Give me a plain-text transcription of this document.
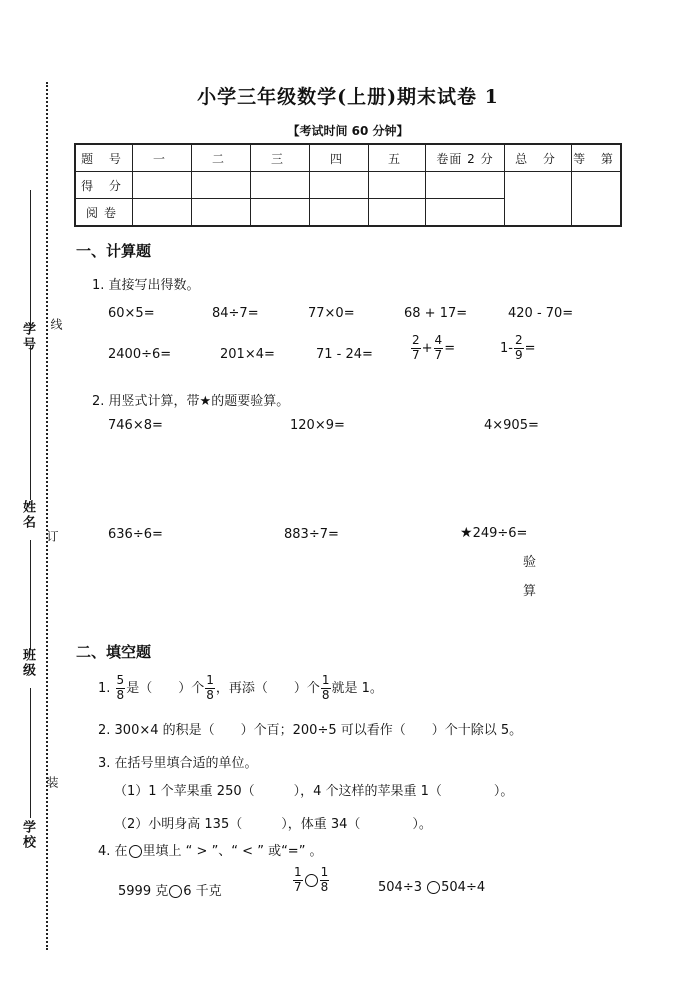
学号 线
姓名
订
班级
装
学校
小学三年级数学(上册)期末试卷 1
【考试时间 60 分钟】
题 号	一	二	三	四	五	卷面 2 分	总 分	等 第
得 分								
阅卷								
一、计算题
1. 直接写出得数。
60×5=	84÷7=	77×0=	68 + 17=	420 - 70=
2400÷6=	201×4=	71 - 24=	$\frac{2}{7} + \frac{4}{7}$ =	$1- \frac{2}{9}$ =
2. 用竖式计算，带★的题要验算。
746×8=	120×9=	4×905=
636÷6=	883÷7=	★249÷6=
验
算
二、填空题
1. $\frac{5}{8}$ 是（　　）个 $\frac{1}{8}$ ，再添（　　）个 $\frac{1}{8}$ 就是 1。
2. 300×4 的积是（　　）个百；200÷5 可以看作（　　）个十除以 5。
3. 在括号里填合适的单位。
（1）1 个苹果重 250（　　　），4 个这样的苹果重 1（　　　　）。
（2）小明身高 135（　　　），体重 34（　　　　）。
4. 在 里填上 “ > ”、“ < ” 或“=” 。
5999 克 6 千克	$\frac{1}{7} \frac{1}{8}$	504÷3 504÷4
